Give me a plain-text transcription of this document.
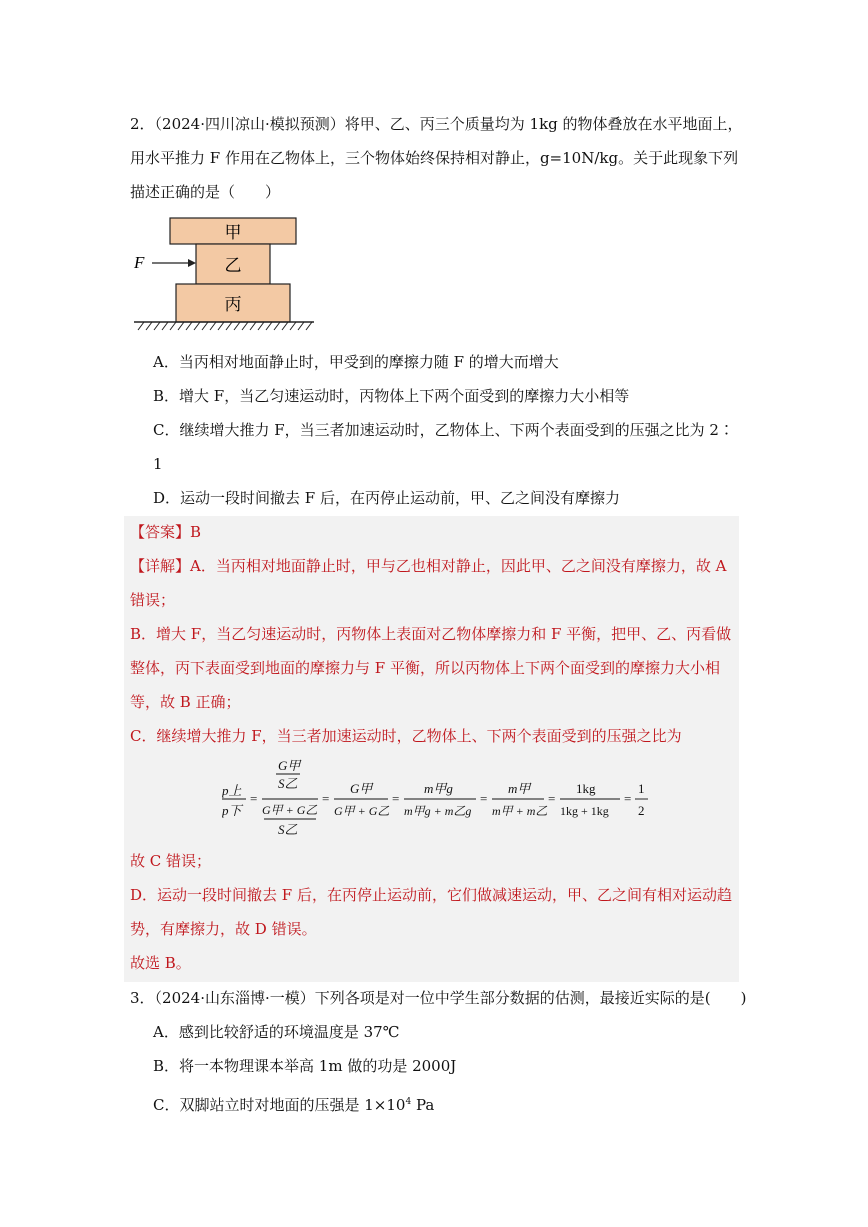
2．（2024·四川凉山·模拟预测）将甲、乙、丙三个质量均为 1kg 的物体叠放在水平地面上，
用水平推力 F 作用在乙物体上，三个物体始终保持相对静止，g=10N/kg。关于此现象下列
描述正确的是（　　）
F
甲
乙
丙
A．当丙相对地面静止时，甲受到的摩擦力随 F 的增大而增大
B．增大 F，当乙匀速运动时，丙物体上下两个面受到的摩擦力大小相等
C．继续增大推力 F，当三者加速运动时，乙物体上、下两个表面受到的压强之比为 2∶
1
D．运动一段时间撤去 F 后，在丙停止运动前，甲、乙之间没有摩擦力
【答案】B
【详解】A．当丙相对地面静止时，甲与乙也相对静止，因此甲、乙之间没有摩擦力，故 A
错误；
B．增大 F，当乙匀速运动时，丙物体上表面对乙物体摩擦力和 F 平衡，把甲、乙、丙看做
整体，丙下表面受到地面的摩擦力与 F 平衡，所以丙物体上下两个面受到的摩擦力大小相
等，故 B 正确；
C．继续增大推力 F，当三者加速运动时，乙物体上、下两个表面受到的压强之比为
p上
p下
=
G甲
S乙
G甲 + G乙
S乙
=
G甲
G甲 + G乙
=
m甲g
m甲g + m乙g
=
m甲
m甲 + m乙
=
1kg
1kg + 1kg
=
1
2
故 C 错误；
D．运动一段时间撤去 F 后，在丙停止运动前，它们做减速运动，甲、乙之间有相对运动趋
势，有摩擦力，故 D 错误。
故选 B。
3．（2024·山东淄博·一模）下列各项是对一位中学生部分数据的估测，最接近实际的是(　　)
A．感到比较舒适的环境温度是 37℃
B．将一本物理课本举高 1m 做的功是 2000J
C．双脚站立时对地面的压强是 $1\times 10^4$ Pa
